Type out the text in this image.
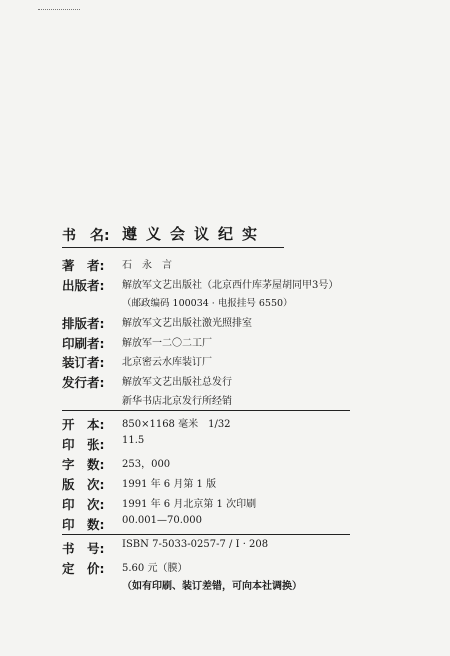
书　名: 遵义会议纪实
著　者: 石　永　言
出版者: 解放军文艺出版社（北京西什库茅屋胡同甲3号）
（邮政编码 100034 · 电报挂号 6550）
排版者: 解放军文艺出版社激光照排室
印刷者: 解放军一二〇二工厂
装订者: 北京密云水库装订厂
发行者: 解放军文艺出版社总发行
新华书店北京发行所经销
开　本: 850×1168 毫米　1/32
印　张: 11.5
字　数: 253，000
版　次: 1991 年 6 月第 1 版
印　次: 1991 年 6 月北京第 1 次印刷
印　数: 00.001—70.000
书　号: ISBN 7-5033-0257-7 / I · 208
定　价: 5.60 元（膜）
（如有印刷、装订差错，可向本社调换）
